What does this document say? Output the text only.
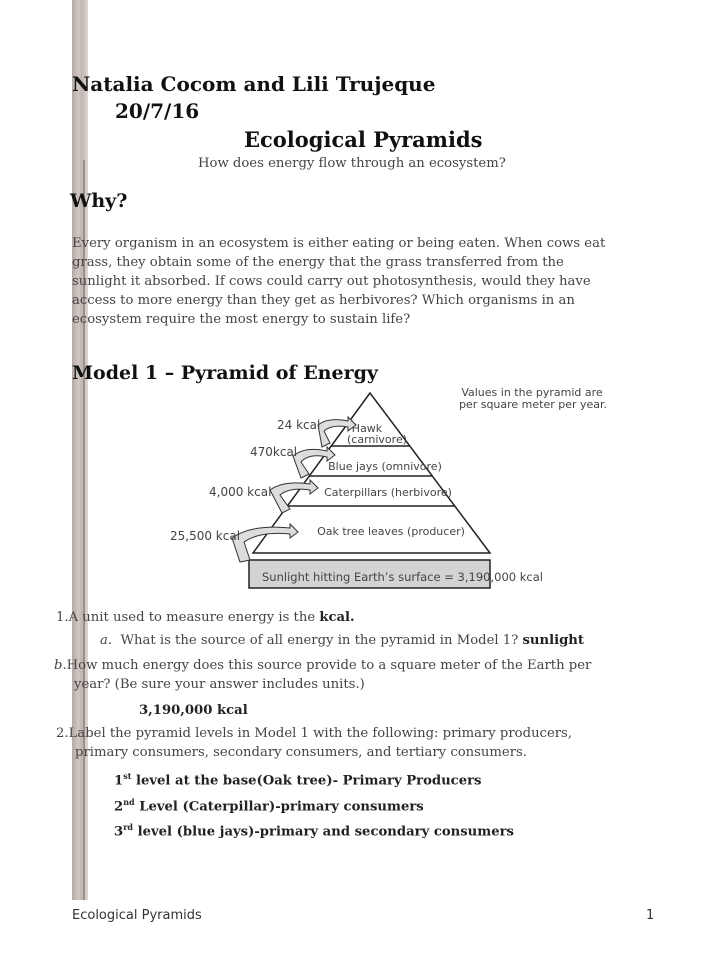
Natalia Cocom and Lili Trujeque
20/7/16
Ecological Pyramids
How does energy flow through an ecosystem?
Why?
Every organism in an ecosystem is either eating or being eaten. When cows eat
grass, they obtain some of the energy that the grass transferred from the
sunlight it absorbed. If cows could carry out photosynthesis, would they have
access to more energy than they get as herbivores? Which organisms in an
ecosystem require the most energy to sustain life?
Model 1 – Pyramid of Energy
Values in the pyramid are
per square meter per year.
Hawk
(carnivore)
Blue jays (omnivore)
Caterpillars (herbivore)
Oak tree leaves (producer)
Sunlight hitting Earth’s surface = 3,190,000 kcal
24 kcal
470kcal
4,000 kcal
25,500 kcal
1.A unit used to measure energy is the kcal.
a. What is the source of all energy in the pyramid in Model 1? sunlight
b.How much energy does this source provide to a square meter of the Earth per
year? (Be sure your answer includes units.)
3,190,000 kcal
2.Label the pyramid levels in Model 1 with the following: primary producers,
primary consumers, secondary consumers, and tertiary consumers.
1st level at the base(Oak tree)- Primary Producers
2nd Level (Caterpillar)-primary consumers
3rd level (blue jays)-primary and secondary consumers
Ecological Pyramids	1
